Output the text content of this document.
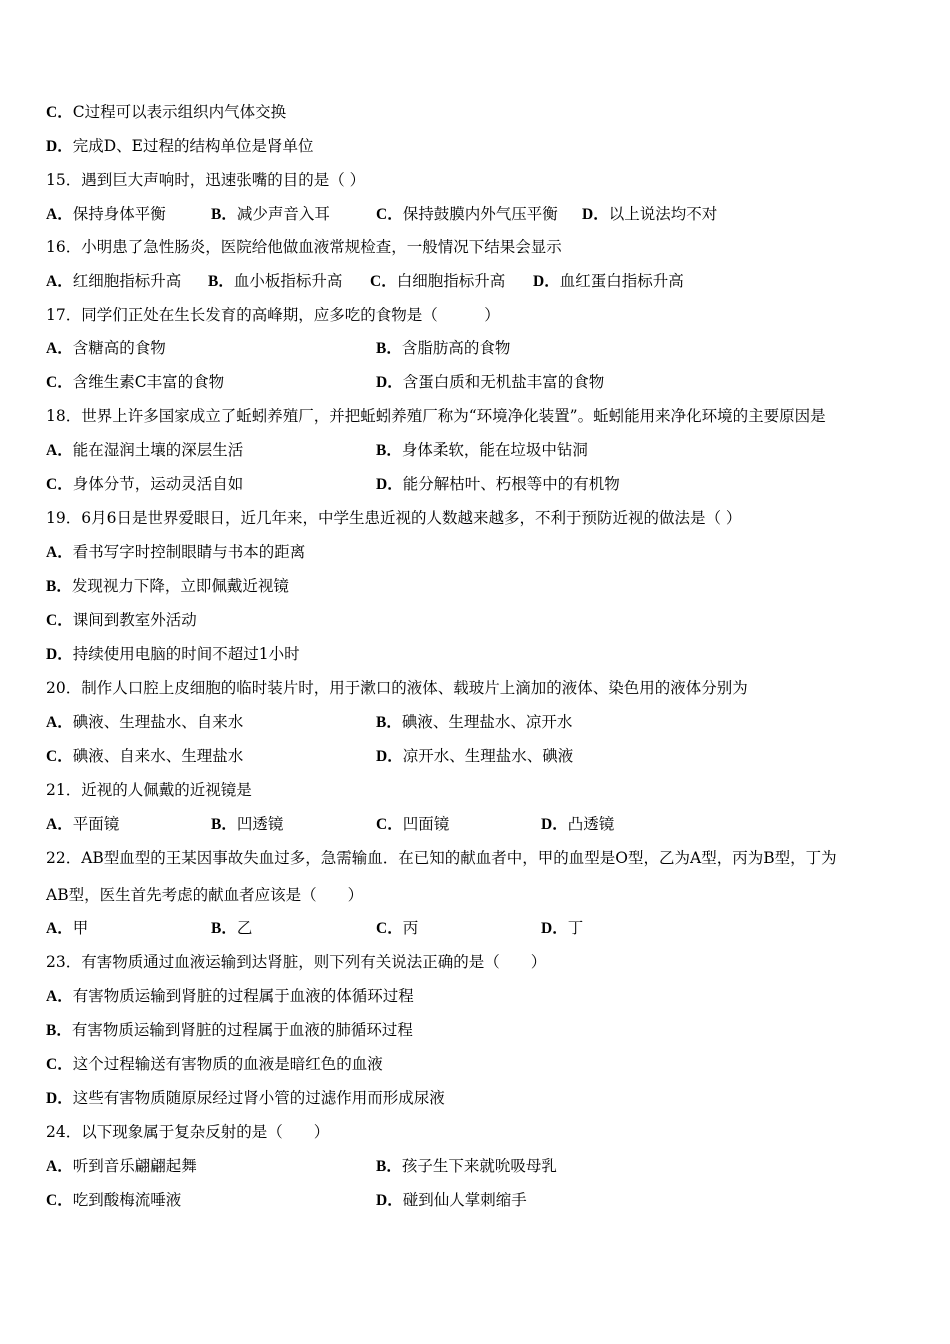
C．C过程可以表示组织内气体交换
D．完成D、E过程的结构单位是肾单位
15．遇到巨大声响时，迅速张嘴的目的是（ ）
A．保持身体平衡	B．减少声音入耳	C．保持鼓膜内外气压平衡 D．以上说法均不对
16．小明患了急性肠炎，医院给他做血液常规检查，一般情况下结果会显示
A．红细胞指标升高 B．血小板指标升高 C．白细胞指标升高 D．血红蛋白指标升高
17．同学们正处在生长发育的高峰期，应多吃的食物是（　　　）
A．含糖高的食物	B．含脂肪高的食物
C．含维生素C丰富的食物	D．含蛋白质和无机盐丰富的食物
18．世界上许多国家成立了蚯蚓养殖厂，并把蚯蚓养殖厂称为“环境净化装置”。蚯蚓能用来净化环境的主要原因是
A．能在湿润土壤的深层生活	B．身体柔软，能在垃圾中钻洞
C．身体分节，运动灵活自如	D．能分解枯叶、朽根等中的有机物
19．6月6日是世界爱眼日，近几年来，中学生患近视的人数越来越多，不利于预防近视的做法是（ ）
A．看书写字时控制眼睛与书本的距离
B．发现视力下降，立即佩戴近视镜
C．课间到教室外活动
D．持续使用电脑的时间不超过1小时
20．制作人口腔上皮细胞的临时装片时，用于漱口的液体、载玻片上滴加的液体、染色用的液体分别为
A．碘液、生理盐水、自来水	B．碘液、生理盐水、凉开水
C．碘液、自来水、生理盐水	D．凉开水、生理盐水、碘液
21．近视的人佩戴的近视镜是
A．平面镜	B．凹透镜	C．凹面镜	D．凸透镜
22．AB型血型的王某因事故失血过多，急需输血．在已知的献血者中，甲的血型是O型，乙为A型，丙为B型，丁为
AB型，医生首先考虑的献血者应该是（　　）
A．甲	B．乙	C．丙	D．丁
23．有害物质通过血液运输到达肾脏，则下列有关说法正确的是（　　）
A．有害物质运输到肾脏的过程属于血液的体循环过程
B．有害物质运输到肾脏的过程属于血液的肺循环过程
C．这个过程输送有害物质的血液是暗红色的血液
D．这些有害物质随原尿经过肾小管的过滤作用而形成尿液
24．以下现象属于复杂反射的是（　　）
A．听到音乐翩翩起舞	B．孩子生下来就吮吸母乳
C．吃到酸梅流唾液	D．碰到仙人掌刺缩手
